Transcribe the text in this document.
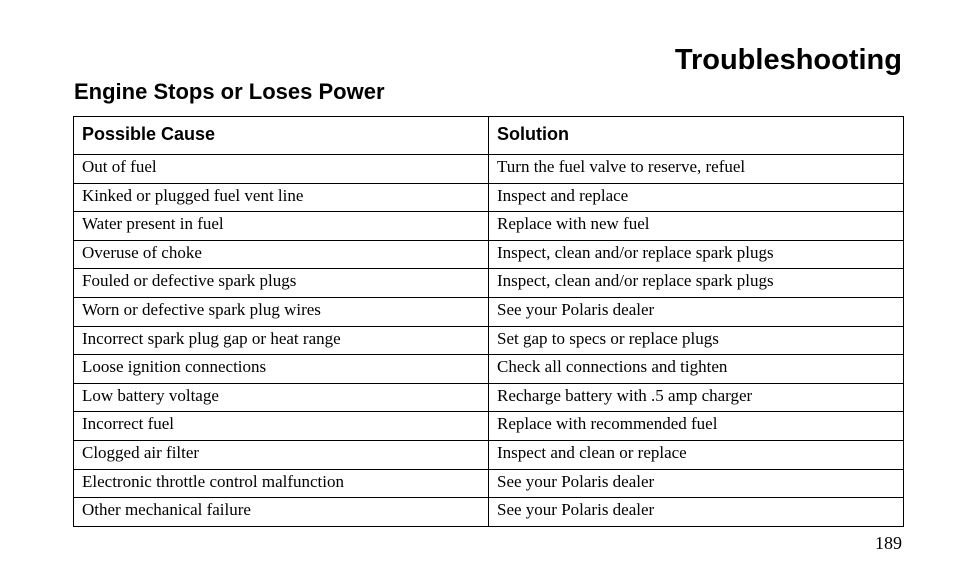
Troubleshooting
Engine Stops or Loses Power
Possible Cause	Solution
Out of fuel	Turn the fuel valve to reserve, refuel
Kinked or plugged fuel vent line	Inspect and replace
Water present in fuel	Replace with new fuel
Overuse of choke	Inspect, clean and/or replace spark plugs
Fouled or defective spark plugs	Inspect, clean and/or replace spark plugs
Worn or defective spark plug wires	See your Polaris dealer
Incorrect spark plug gap or heat range	Set gap to specs or replace plugs
Loose ignition connections	Check all connections and tighten
Low battery voltage	Recharge battery with .5 amp charger
Incorrect fuel	Replace with recommended fuel
Clogged air filter	Inspect and clean or replace
Electronic throttle control malfunction	See your Polaris dealer
Other mechanical failure	See your Polaris dealer
189
